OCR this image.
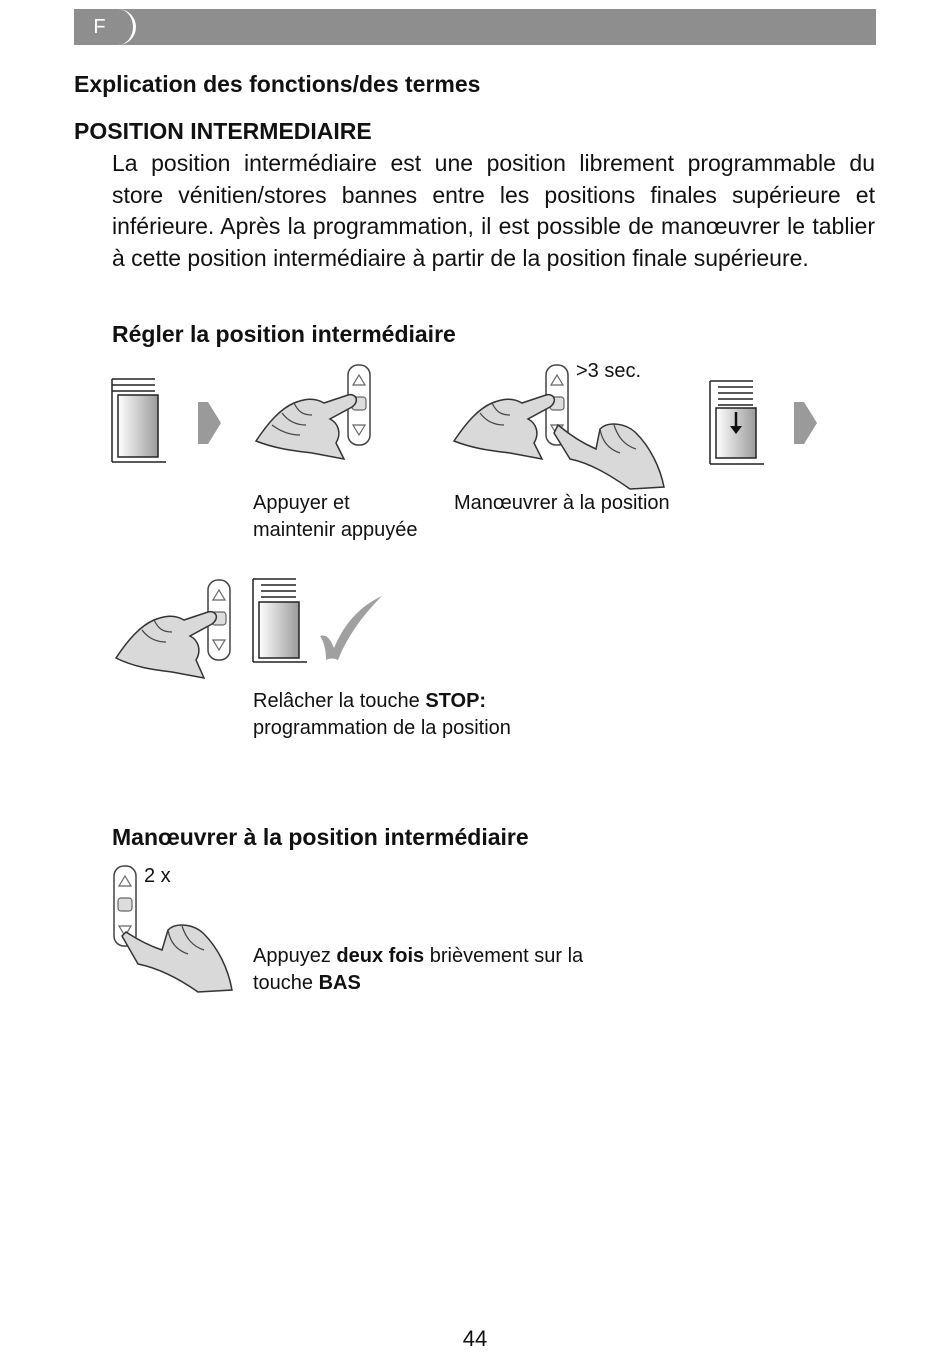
F
Explication des fonctions/des termes
POSITION INTERMEDIAIRE
La position intermédiaire est une position librement programmable du store vénitien/stores bannes entre les positions finales supérieure et inférieure. Après la programmation, il est possible de manœuvrer le tablier à cette position intermédiaire à partir de la position finale supérieure.
Régler la position intermédiaire
>3 sec.
Appuyer et
maintenir appuyée
Manœuvrer à la position
Relâcher la touche STOP:
programmation de la position
Manœuvrer à la position intermédiaire
2 x
Appuyez deux fois brièvement sur la
touche BAS
44
